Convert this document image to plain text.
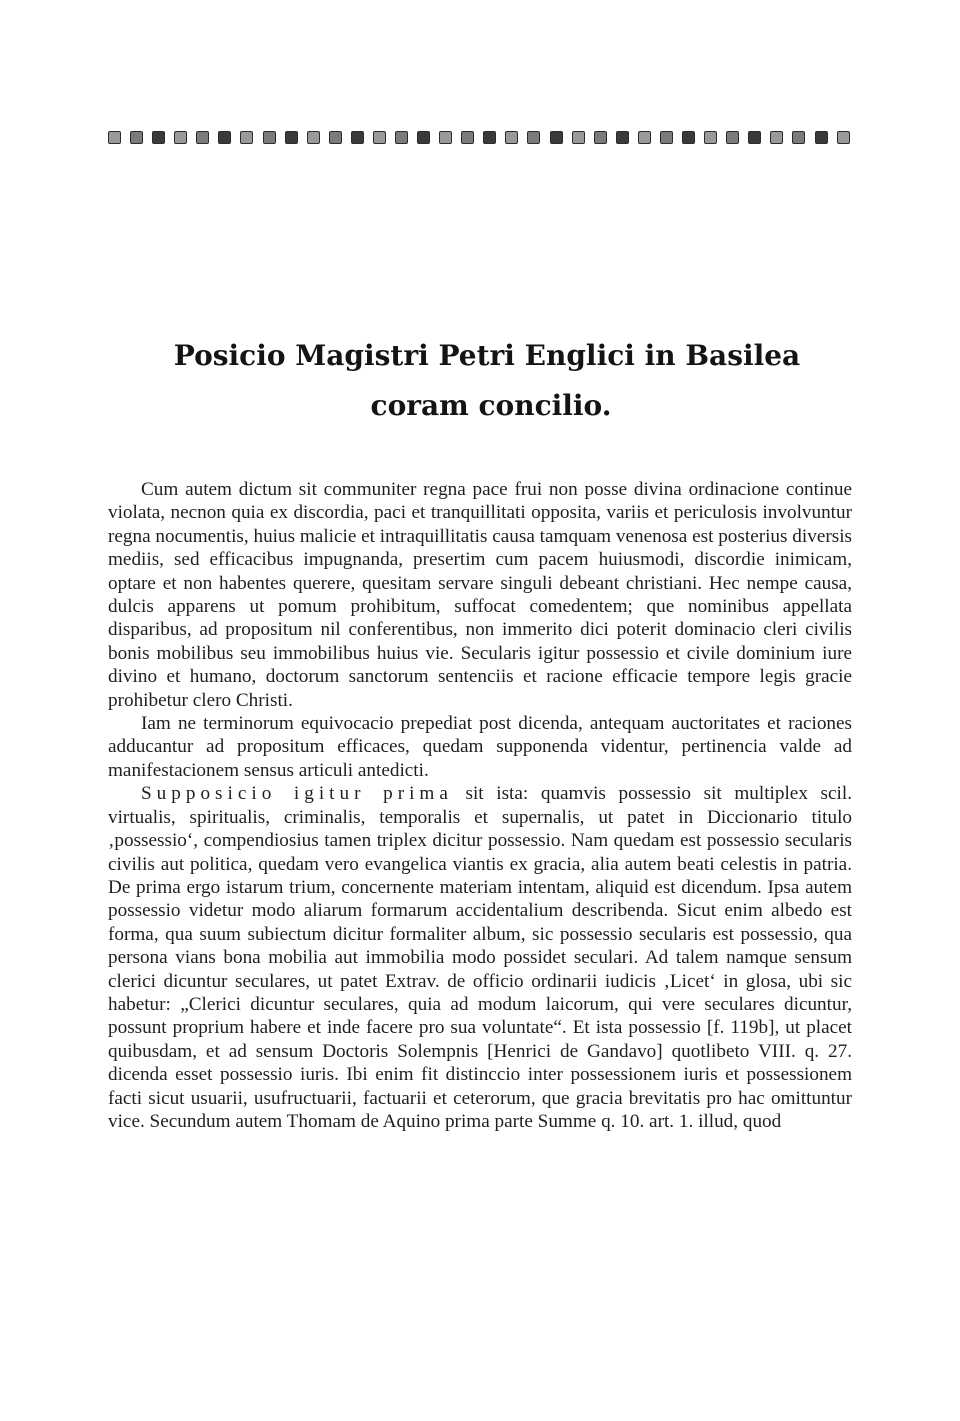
Posicio Magistri Petri Englici in Basilea
coram concilio.

Cum autem dictum sit communiter regna pace frui non posse divina ordinacione continue violata, necnon quia ex discordia, paci et tranquillitati opposita, variis et periculosis involvuntur regna nocumentis, huius malicie et intraquillitatis causa tamquam venenosa est posterius diversis mediis, sed efficacibus impugnanda, presertim cum pacem huiusmodi, discordie inimicam, optare et non habentes querere, quesitam servare singuli debeant christiani. Hec nempe causa, dulcis apparens ut pomum prohibitum, suffocat comedentem; que nominibus appellata disparibus, ad propositum nil conferentibus, non immerito dici poterit dominacio cleri civilis bonis mobilibus seu immobilibus huius vie. Secularis igitur possessio et civile dominium iure divino et humano, doctorum sanctorum sentenciis et racione efficacie tempore legis gracie prohibetur clero Christi.

Iam ne terminorum equivocacio prepediat post dicenda, antequam auctoritates et raciones adducantur ad propositum efficaces, quedam supponenda videntur, pertinencia valde ad manifestacionem sensus articuli antedicti.

Supposicio igitur prima sit ista: quamvis possessio sit multiplex scil. virtualis, spiritualis, criminalis, temporalis et supernalis, ut patet in Diccionario titulo ‚possessio‘, compendiosius tamen triplex dicitur possessio. Nam quedam est possessio secularis civilis aut politica, quedam vero evangelica viantis ex gracia, alia autem beati celestis in patria. De prima ergo istarum trium, concernente materiam intentam, aliquid est dicendum. Ipsa autem possessio videtur modo aliarum formarum accidentalium describenda. Sicut enim albedo est forma, qua suum subiectum dicitur formaliter album, sic possessio secularis est possessio, qua persona vians bona mobilia aut immobilia modo possidet seculari. Ad talem namque sensum clerici dicuntur seculares, ut patet Extrav. de officio ordinarii iudicis ‚Licet‘ in glosa, ubi sic habetur: „Clerici dicuntur seculares, quia ad modum laicorum, qui vere seculares dicuntur, possunt proprium habere et inde facere pro sua voluntate“. Et ista possessio [f. 119b], ut placet quibusdam, et ad sensum Doctoris Solempnis [Henrici de Gandavo] quotlibeto VIII. q. 27. dicenda esset possessio iuris. Ibi enim fit distinccio inter possessionem iuris et possessionem facti sicut usuarii, usufructuarii, factuarii et ceterorum, que gracia brevitatis pro hac omittuntur vice. Secundum autem Thomam de Aquino prima parte Summe q. 10. art. 1. illud, quod
